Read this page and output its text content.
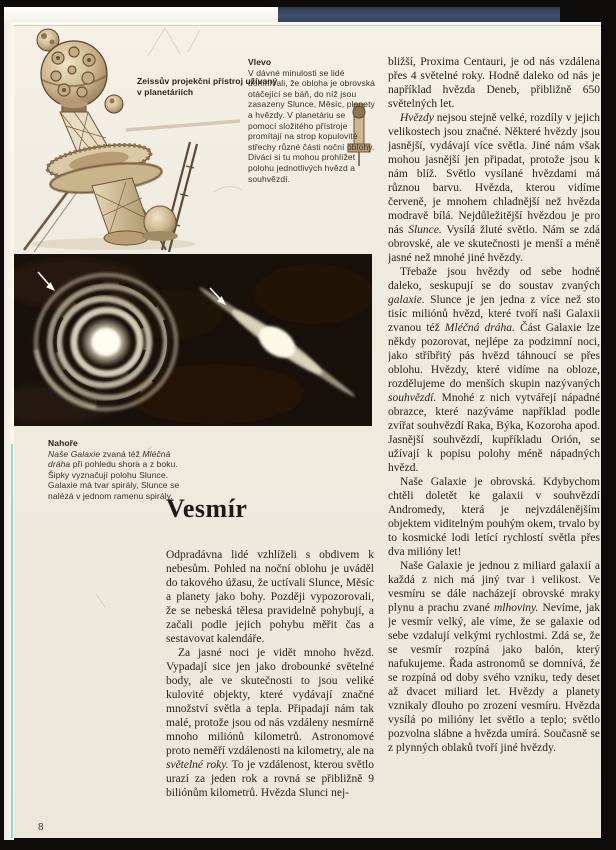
Zeissův projekční přístroj užívaný
v planetáriích
Vlevo
V dávné minulosti se lidé domnívali, že obloha je obrovská otáčející se báň, do níž jsou zasazeny Slunce, Měsíc, planety a hvězdy. V planetáriu se pomocí složitého přístroje promítají na strop kopulovité střechy různé části noční oblohy. Diváci si tu mohou prohlížet polohu jednotlivých hvězd a souhvězdí.
Nahoře

Naše Galaxie zvaná též Mléčná dráha při pohledu shora a z boku. Šipky vyznačují polohu Slunce. Galaxie má tvar spirály, Slunce se nalézá v jednom ramenu spirály.

Vesmír

Odpradávna lidé vzhlíželi s obdivem k nebesům. Pohled na noční oblohu je uváděl do takového úžasu, že uctívali Slunce, Měsíc a planety jako bohy. Později vypozorovali, že se nebeská tělesa pravidelně pohybují, a začali podle jejich pohybu měřit čas a sestavovat kalendáře.

Za jasné noci je vidět mnoho hvězd. Vypadají sice jen jako drobounké světelné body, ale ve skutečnosti to jsou veliké kulovité objekty, které vydávají značné množství světla a tepla. Připadají nám tak malé, protože jsou od nás vzdáleny nesmírně mnoho miliónů kilometrů. Astronomové proto neměří vzdálenosti na kilometry, ale na světelné roky. To je vzdálenost, kterou světlo urazí za jeden rok a rovná se přibližně 9 biliónům kilometrů. Hvězda Slunci nej-

bližší, Proxima Centauri, je od nás vzdálena přes 4 světelné roky. Hodně daleko od nás je například hvězda Deneb, přibližně 650 světelných let.

Hvězdy nejsou stejně velké, rozdíly v jejich velikostech jsou značné. Některé hvězdy jsou jasnější, vydávají více světla. Jiné nám však mohou jasnější jen připadat, protože jsou k nám blíž. Světlo vysílané hvězdami má různou barvu. Hvězda, kterou vidíme červeně, je mnohem chladnější než hvězda modravě bílá. Nejdůležitější hvězdou je pro nás Slunce. Vysílá žluté světlo. Nám se zdá obrovské, ale ve skutečnosti je menší a méně jasné než mnohé jiné hvězdy.

Třebaže jsou hvězdy od sebe hodně daleko, seskupují se do soustav zvaných galaxie. Slunce je jen jedna z více než sto tisíc miliónů hvězd, které tvoří naši Galaxii zvanou též Mléčná dráha. Část Galaxie lze někdy pozorovat, nejlépe za podzimní noci, jako stříbřitý pás hvězd táhnoucí se přes oblohu. Hvězdy, které vidíme na obloze, rozdělujeme do menších skupin nazývaných souhvězdí. Mnohé z nich vytvářejí nápadné obrazce, které nazýváme například podle zvířat souhvězdí Raka, Býka, Kozoroha apod. Jasnější souhvězdí, kupříkladu Orión, se užívají k popisu polohy méně nápadných hvězd.

Naše Galaxie je obrovská. Kdybychom chtěli doletět ke galaxii v souhvězdí Andromedy, která je nejvzdálenějším objektem viditelným pouhým okem, trvalo by to kosmické lodi letící rychlostí světla přes dva milióny let!

Naše Galaxie je jednou z miliard galaxií a každá z nich má jiný tvar i velikost. Ve vesmíru se dále nacházejí obrovské mraky plynu a prachu zvané mlhoviny. Nevíme, jak je vesmír velký, ale víme, že se galaxie od sebe vzdalují velkými rychlostmi. Zdá se, že se vesmír rozpíná jako balón, který nafukujeme. Řada astronomů se domnívá, že se rozpíná od doby svého vzniku, tedy deset až dvacet miliard let. Hvězdy a planety vznikaly dlouho po zrození vesmíru. Hvězda vysílá po milióny let světlo a teplo; světlo pozvolna slábne a hvězda umírá. Současně se z plynných oblaků tvoří jiné hvězdy.

8
